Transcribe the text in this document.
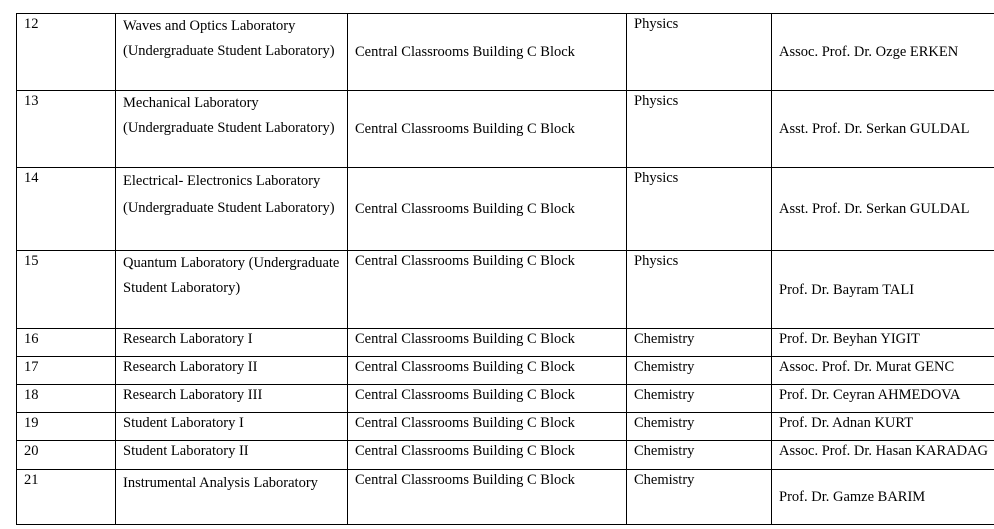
12	Waves and Optics Laboratory (Undergraduate Student Laboratory)	Central Classrooms Building C Block	Physics	Assoc. Prof. Dr. Ozge ERKEN
13	Mechanical Laboratory (Undergraduate Student Laboratory)	Central Classrooms Building C Block	Physics	Asst. Prof. Dr. Serkan GULDAL
14	Electrical- Electronics Laboratory (Undergraduate Student Laboratory)	Central Classrooms Building C Block	Physics	Asst. Prof. Dr. Serkan GULDAL
15	Quantum Laboratory (Undergraduate Student Laboratory)	Central Classrooms Building C Block	Physics	Prof. Dr. Bayram TALI
16	Research Laboratory I	Central Classrooms Building C Block	Chemistry	Prof. Dr. Beyhan YIGIT
17	Research Laboratory II	Central Classrooms Building C Block	Chemistry	Assoc. Prof. Dr. Murat GENC
18	Research Laboratory III	Central Classrooms Building C Block	Chemistry	Prof. Dr. Ceyran AHMEDOVA
19	Student Laboratory I	Central Classrooms Building C Block	Chemistry	Prof. Dr. Adnan KURT
20	Student Laboratory II	Central Classrooms Building C Block	Chemistry	Assoc. Prof. Dr. Hasan KARADAG
21	Instrumental Analysis Laboratory	Central Classrooms Building C Block	Chemistry	Prof. Dr. Gamze BARIM
